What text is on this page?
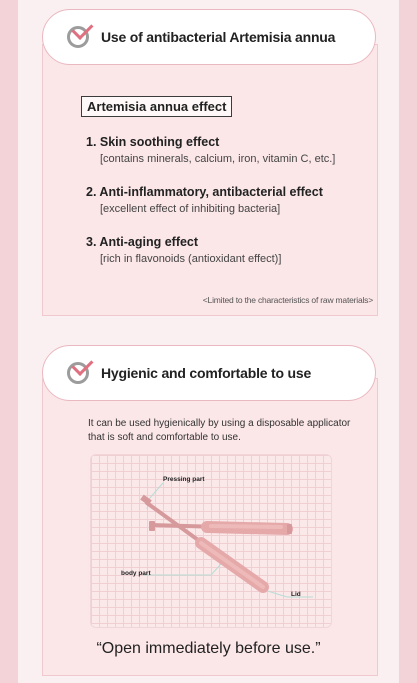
Use of antibacterial Artemisia annua
Artemisia annua effect
1. Skin soothing effect
[contains minerals, calcium, iron, vitamin C, etc.]
2. Anti-inflammatory, antibacterial effect
[excellent effect of inhibiting bacteria]
3. Anti-aging effect
[rich in flavonoids (antioxidant effect)]
<Limited to the characteristics of raw materials>
Hygienic and comfortable to use
It can be used hygienically by using a disposable applicator that is soft and comfortable to use.
Pressing part
body part
Lid
“Open immediately before use.”
